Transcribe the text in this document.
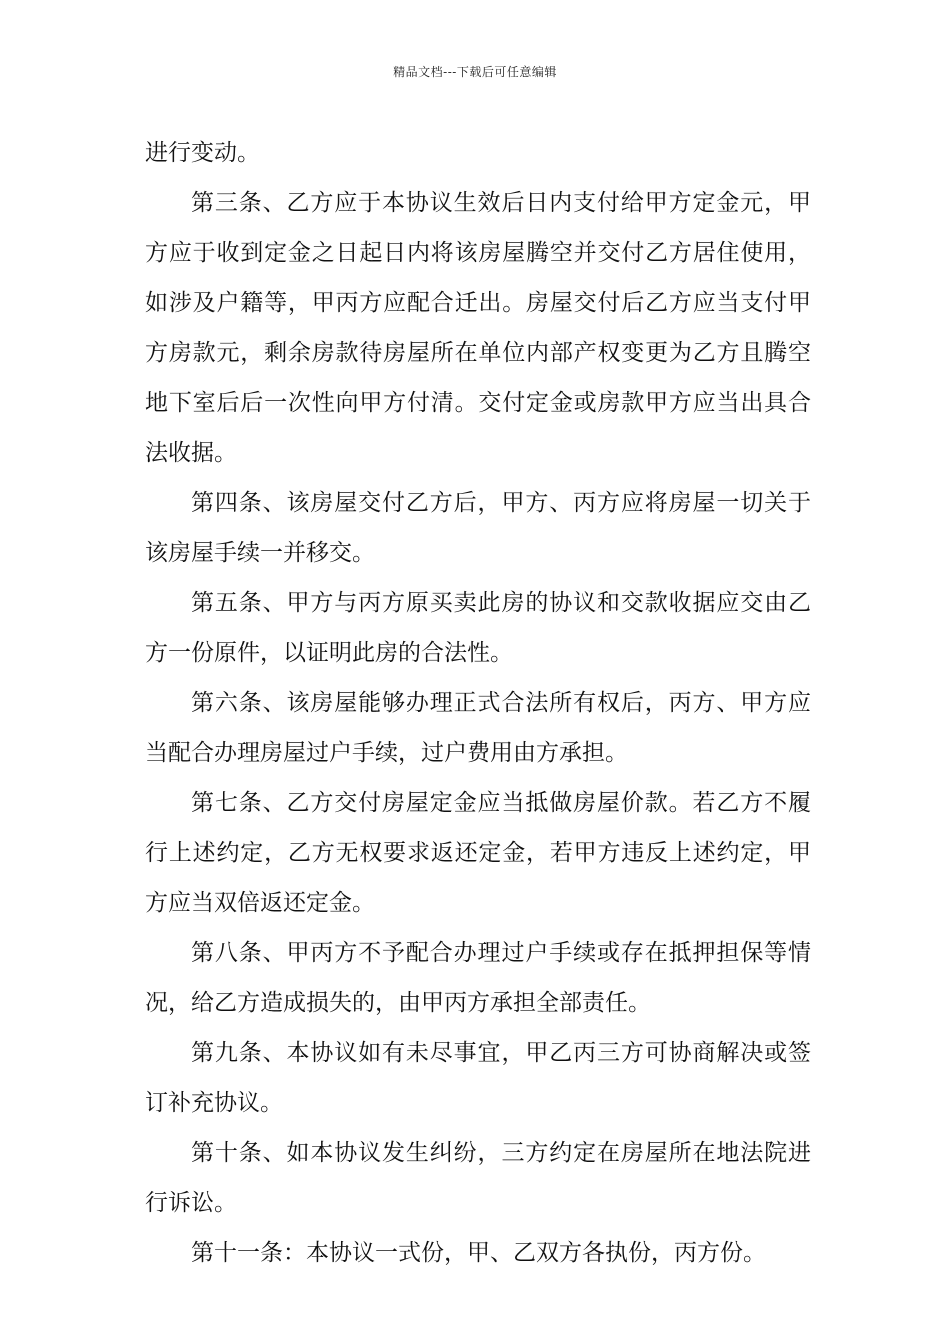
精品文档---下载后可任意编辑

进行变动。

第三条、乙方应于本协议生效后日内支付给甲方定金元，甲方应于收到定金之日起日内将该房屋腾空并交付乙方居住使用，如涉及户籍等，甲丙方应配合迁出。房屋交付后乙方应当支付甲方房款元，剩余房款待房屋所在单位内部产权变更为乙方且腾空地下室后后一次性向甲方付清。交付定金或房款甲方应当出具合法收据。

第四条、该房屋交付乙方后，甲方、丙方应将房屋一切关于该房屋手续一并移交。

第五条、甲方与丙方原买卖此房的协议和交款收据应交由乙方一份原件，以证明此房的合法性。

第六条、该房屋能够办理正式合法所有权后，丙方、甲方应当配合办理房屋过户手续，过户费用由方承担。

第七条、乙方交付房屋定金应当抵做房屋价款。若乙方不履行上述约定，乙方无权要求返还定金，若甲方违反上述约定，甲方应当双倍返还定金。

第八条、甲丙方不予配合办理过户手续或存在抵押担保等情况，给乙方造成损失的，由甲丙方承担全部责任。

第九条、本协议如有未尽事宜，甲乙丙三方可协商解决或签订补充协议。

第十条、如本协议发生纠纷，三方约定在房屋所在地法院进行诉讼。

第十一条：本协议一式份，甲、乙双方各执份，丙方份。
